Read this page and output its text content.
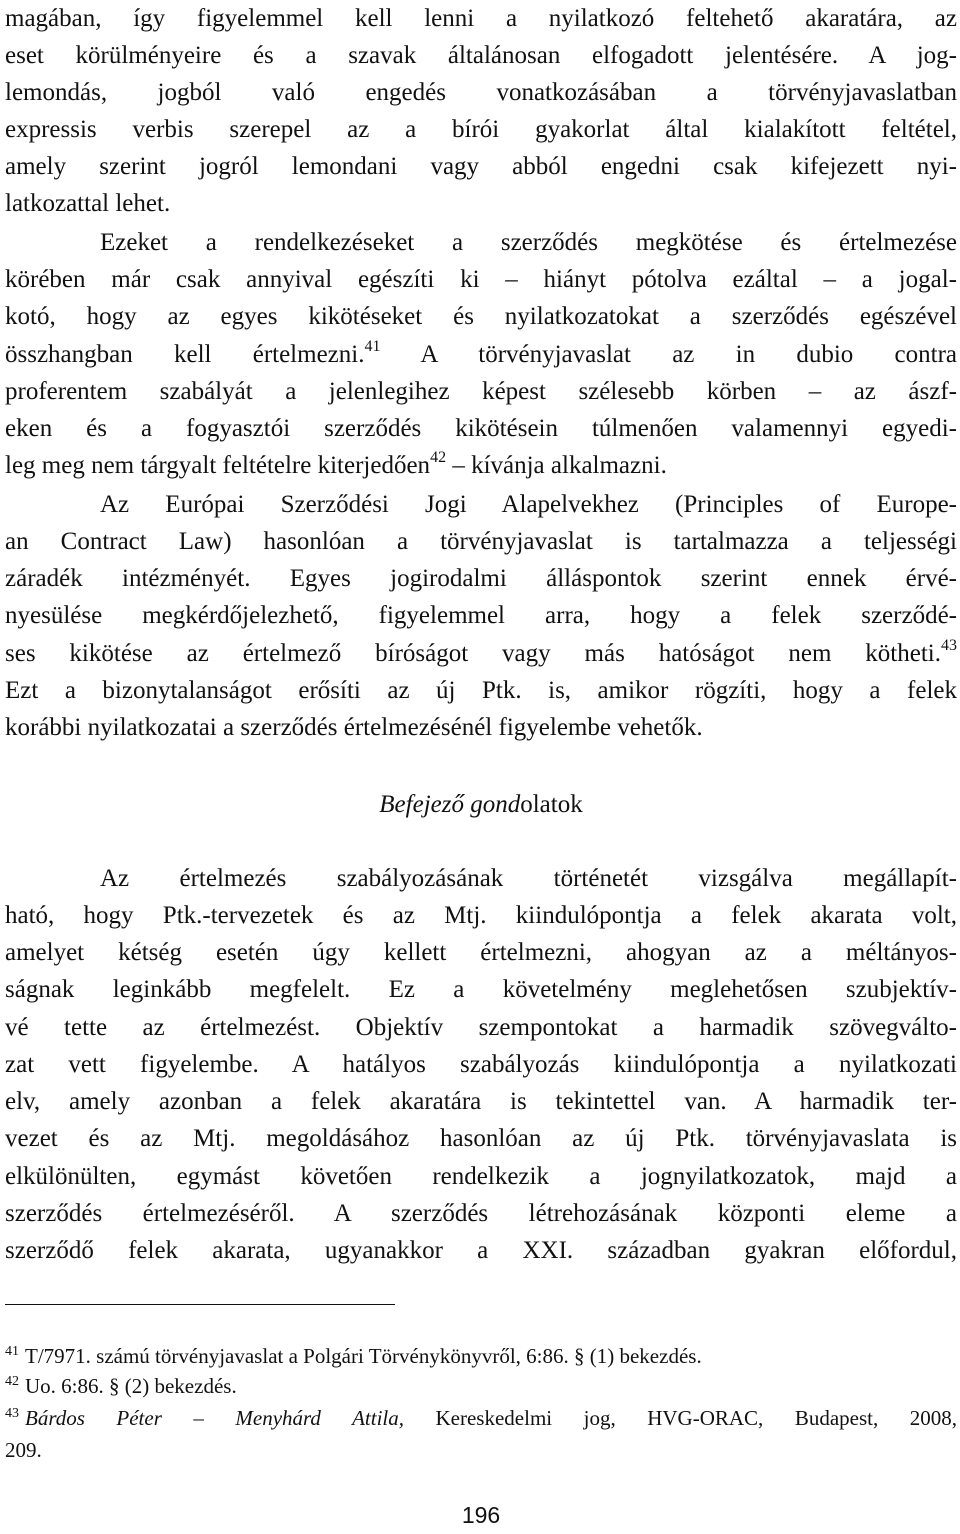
magában, így figyelemmel kell lenni a nyilatkozó feltehető akaratára, az
eset körülményeire és a szavak általánosan elfogadott jelentésére. A jog-
lemondás, jogból való engedés vonatkozásában a törvényjavaslatban
expressis verbis szerepel az a bírói gyakorlat által kialakított feltétel,
amely szerint jogról lemondani vagy abból engedni csak kifejezett nyi-
latkozattal lehet.
Ezeket a rendelkezéseket a szerződés megkötése és értelmezése
körében már csak annyival egészíti ki – hiányt pótolva ezáltal – a jogal-
kotó, hogy az egyes kikötéseket és nyilatkozatokat a szerződés egészével
összhangban kell értelmezni.$^{41}$ A törvényjavaslat az in dubio contra
proferentem szabályát a jelenlegihez képest szélesebb körben – az ászf-
eken és a fogyasztói szerződés kikötésein túlmenően valamennyi egyedi-
leg meg nem tárgyalt feltételre kiterjedően$^{42}$ – kívánja alkalmazni.
Az Európai Szerződési Jogi Alapelvekhez (Principles of Europe-
an Contract Law) hasonlóan a törvényjavaslat is tartalmazza a teljességi
záradék intézményét. Egyes jogirodalmi álláspontok szerint ennek érvé-
nyesülése megkérdőjelezhető, figyelemmel arra, hogy a felek szerződé-
ses kikötése az értelmező bíróságot vagy más hatóságot nem kötheti.$^{43}$
Ezt a bizonytalanságot erősíti az új Ptk. is, amikor rögzíti, hogy a felek
korábbi nyilatkozatai a szerződés értelmezésénél figyelembe vehetők.
Befejező gondolatok
Az értelmezés szabályozásának történetét vizsgálva megállapít-
ható, hogy Ptk.-tervezetek és az Mtj. kiindulópontja a felek akarata volt,
amelyet kétség esetén úgy kellett értelmezni, ahogyan az a méltányos-
ságnak leginkább megfelelt. Ez a követelmény meglehetősen szubjektív-
vé tette az értelmezést. Objektív szempontokat a harmadik szövegválto-
zat vett figyelembe. A hatályos szabályozás kiindulópontja a nyilatkozati
elv, amely azonban a felek akaratára is tekintettel van. A harmadik ter-
vezet és az Mtj. megoldásához hasonlóan az új Ptk. törvényjavaslata is
elkülönülten, egymást követően rendelkezik a jognyilatkozatok, majd a
szerződés értelmezéséről. A szerződés létrehozásának központi eleme a
szerződő felek akarata, ugyanakkor a XXI. században gyakran előfordul,
$^{41}$ T/7971. számú törvényjavaslat a Polgári Törvénykönyvről, 6:86. § (1) bekezdés.
$^{42}$ Uo. 6:86. § (2) bekezdés.
$^{43}$ Bárdos Péter – Menyhárd Attila, Kereskedelmi jog, HVG-ORAC, Budapest, 2008,
209.
196
